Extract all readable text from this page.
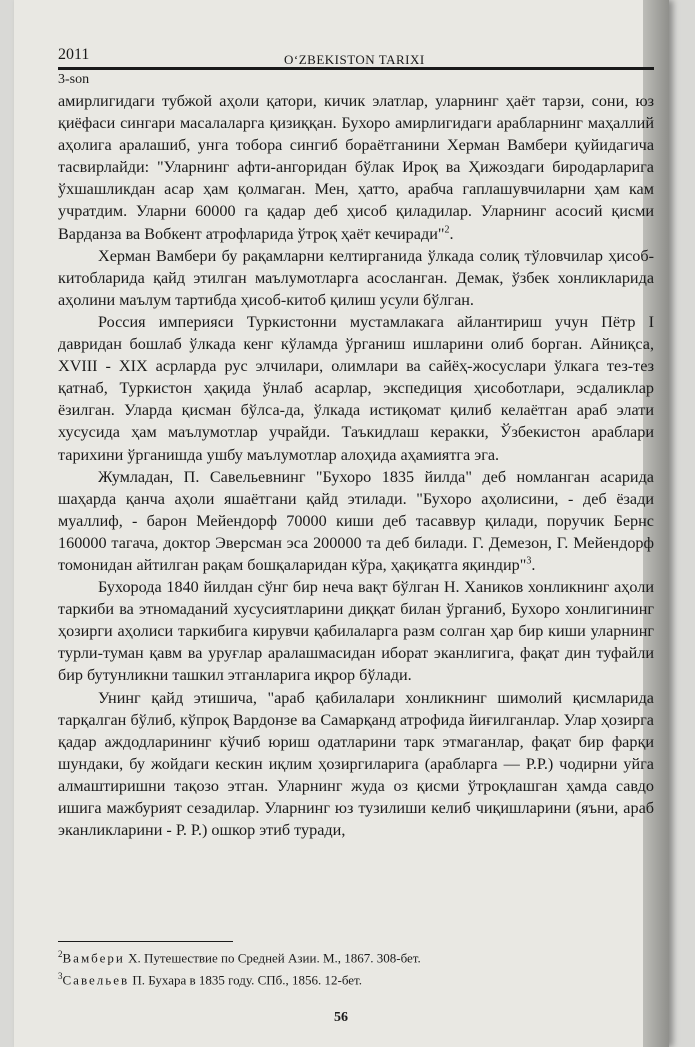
2011	O‘ZBEKISTON TARIXI
3-son

амирлигидаги тубжой аҳоли қатори, кичик элатлар, уларнинг ҳаёт тарзи, сони, юз қиёфаси сингари масалаларга қизиққан. Бухоро амирлигидаги арабларнинг маҳаллий аҳолига аралашиб, унга тобора сингиб бораётганини Херман Вамбери қуйидагича тасвирлайди: "Уларнинг афти-ангоридан бўлак Ироқ ва Ҳижоздаги биродарларига ўхшашликдан асар ҳам қолмаган. Мен, ҳатто, арабча гаплашувчиларни ҳам кам учратдим. Уларни 60000 га қадар деб ҳисоб қиладилар. Уларнинг асосий қисми Варданза ва Вобкент атрофларида ўтроқ ҳаёт кечиради"$^2$.

Херман Вамбери бу рақамларни келтирганида ўлкада солиқ тўловчилар ҳисоб-китобларида қайд этилган маълумотларга асосланган. Демак, ўзбек хонликларида аҳолини маълум тартибда ҳисоб-китоб қилиш усули бўлган.

Россия империяси Туркистонни мустамлакага айлантириш учун Пётр I давридан бошлаб ўлкада кенг кўламда ўрганиш ишларини олиб борган. Айниқса, XVIII - XIX асрларда рус элчилари, олимлари ва сайёҳ-жосуслари ўлкага тез-тез қатнаб, Туркистон ҳақида ўнлаб асарлар, экспедиция ҳисоботлари, эсдаликлар ёзилган. Уларда қисман бўлса-да, ўлкада истиқомат қилиб келаётган араб элати хусусида ҳам маълумотлар учрайди. Таъкидлаш керакки, Ўзбекистон араблари тарихини ўрганишда ушбу маълумотлар алоҳида аҳамиятга эга.

Жумладан, П. Савельевнинг "Бухоро 1835 йилда" деб номланган асарида шаҳарда қанча аҳоли яшаётгани қайд этилади. "Бухоро аҳолисини, - деб ёзади муаллиф, - барон Мейендорф 70000 киши деб тасаввур қилади, поручик Бернс 160000 тагача, доктор Эверсман эса 200000 та деб билади. Г. Демезон, Г. Мейендорф томонидан айтилган рақам бошқаларидан кўра, ҳақиқатга яқиндир"$^3$.

Бухорода 1840 йилдан сўнг бир неча вақт бўлган Н. Хаников хонликнинг аҳоли таркиби ва этномаданий хусусиятларини диққат билан ўрганиб, Бухоро хонлигининг ҳозирги аҳолиси таркибига кирувчи қабилаларга разм солган ҳар бир киши уларнинг турли-туман қавм ва уруғлар аралашмасидан иборат эканлигига, фақат дин туфайли бир бутунликни ташкил этганларига иқрор бўлади.

Унинг қайд этишича, "араб қабилалари хонликнинг шимолий қисмларида тарқалган бўлиб, кўпроқ Вардонзе ва Самарқанд атрофида йиғилганлар. Улар ҳозирга қадар аждодларининг кўчиб юриш одатларини тарк этмаганлар, фақат бир фарқи шундаки, бу жойдаги кескин иқлим ҳозиргиларига (арабларга — Р.Р.) чодирни уйга алмаштиришни тақозо этган. Уларнинг жуда оз қисми ўтроқлашган ҳамда савдо ишига мажбурият сезадилар. Уларнинг юз тузилиши келиб чиқишларини (яъни, араб эканликларини - Р. Р.) ошкор этиб туради,

$^2$Вамбери Х. Путешествие по Средней Азии. М., 1867. 308-бет.
$^3$Савельев П. Бухара в 1835 году. СПб., 1856. 12-бет.
56
